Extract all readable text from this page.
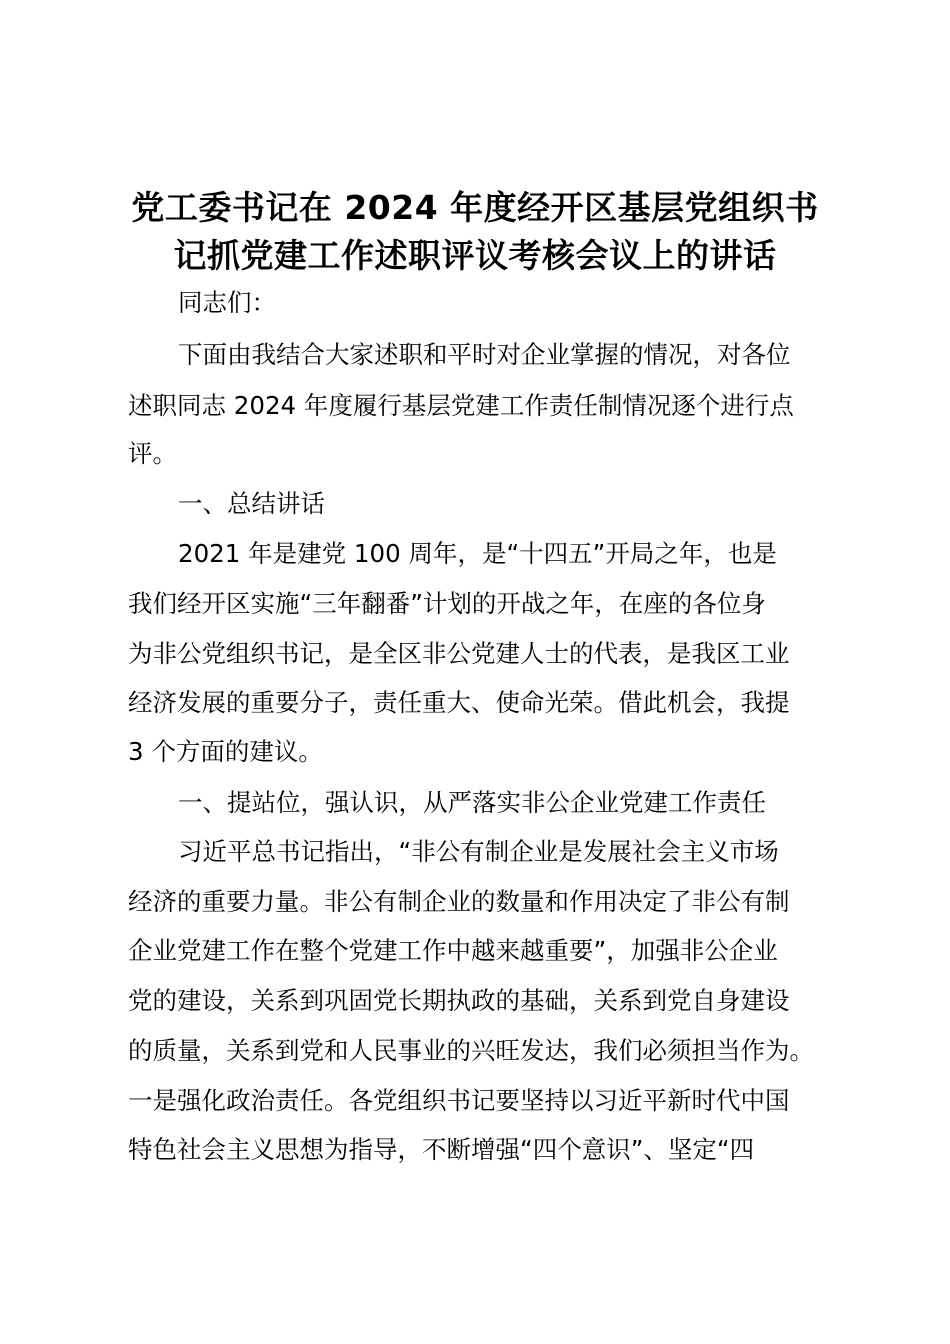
党工委书记在 2024 年度经开区基层党组织书
记抓党建工作述职评议考核会议上的讲话

同志们：

下面由我结合大家述职和平时对企业掌握的情况，对各位

述职同志 2024 年度履行基层党建工作责任制情况逐个进行点

评。

一、总结讲话

2021 年是建党 100 周年，是“十四五”开局之年，也是

我们经开区实施“三年翻番”计划的开战之年，在座的各位身

为非公党组织书记，是全区非公党建人士的代表，是我区工业

经济发展的重要分子，责任重大、使命光荣。借此机会，我提

3 个方面的建议。

一、提站位，强认识，从严落实非公企业党建工作责任

习近平总书记指出，“非公有制企业是发展社会主义市场

经济的重要力量。非公有制企业的数量和作用决定了非公有制

企业党建工作在整个党建工作中越来越重要”，加强非公企业

党的建设，关系到巩固党长期执政的基础，关系到党自身建设

的质量，关系到党和人民事业的兴旺发达，我们必须担当作为。

一是强化政治责任。各党组织书记要坚持以习近平新时代中国

特色社会主义思想为指导，不断增强“四个意识”、坚定“四
